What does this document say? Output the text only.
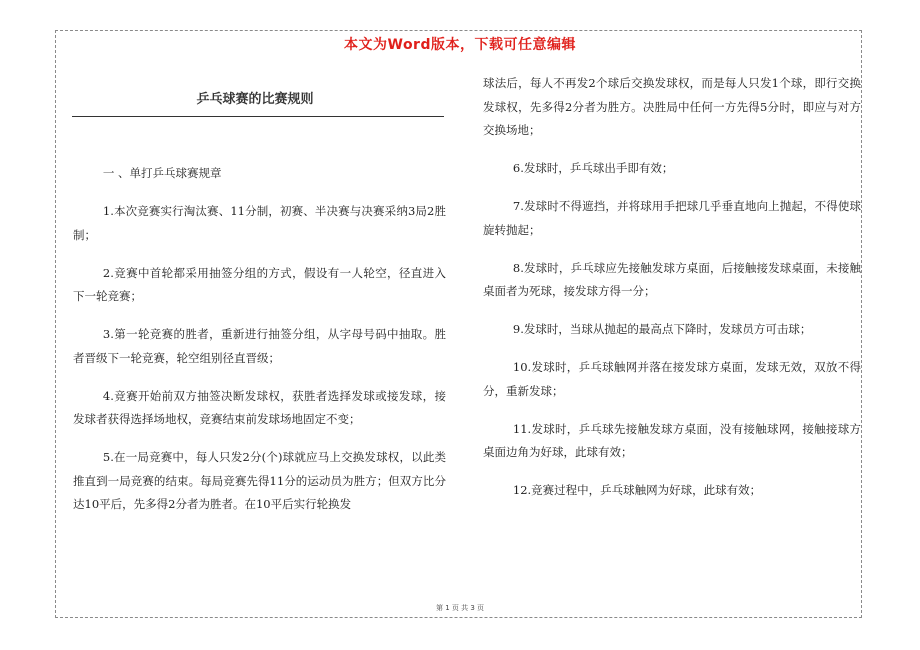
本文为Word版本，下载可任意编辑
乒乓球赛的比赛规则

一 、单打乒乓球赛规章

1.本次竞赛实行淘汰赛、11分制，初赛、半决赛与决赛采纳3局2胜制；

2.竞赛中首轮都采用抽签分组的方式，假设有一人轮空，径直进入下一轮竞赛；

3.第一轮竞赛的胜者，重新进行抽签分组，从字母号码中抽取。胜者晋级下一轮竞赛，轮空组别径直晋级；

4.竞赛开始前双方抽签决断发球权，获胜者选择发球或接发球，接发球者获得选择场地权，竞赛结束前发球场地固定不变；

5.在一局竞赛中，每人只发2分(个)球就应马上交换发球权，以此类推直到一局竞赛的结束。每局竞赛先得11分的运动员为胜方；但双方比分达10平后，先多得2分者为胜者。在10平后实行轮换发

球法后，每人不再发2个球后交换发球权，而是每人只发1个球，即行交换发球权，先多得2分者为胜方。决胜局中任何一方先得5分时，即应与对方交换场地；

6.发球时，乒乓球出手即有效；

7.发球时不得遮挡，并将球用手把球几乎垂直地向上抛起，不得使球旋转抛起；

8.发球时，乒乓球应先接触发球方桌面，后接触接发球桌面，未接触桌面者为死球，接发球方得一分；

9.发球时，当球从抛起的最高点下降时，发球员方可击球；

10.发球时，乒乓球触网并落在接发球方桌面，发球无效，双放不得分，重新发球；

11.发球时，乒乓球先接触发球方桌面，没有接触球网，接触接球方桌面边角为好球，此球有效；

12.竞赛过程中，乒乓球触网为好球，此球有效；

第 1 页 共 3 页
